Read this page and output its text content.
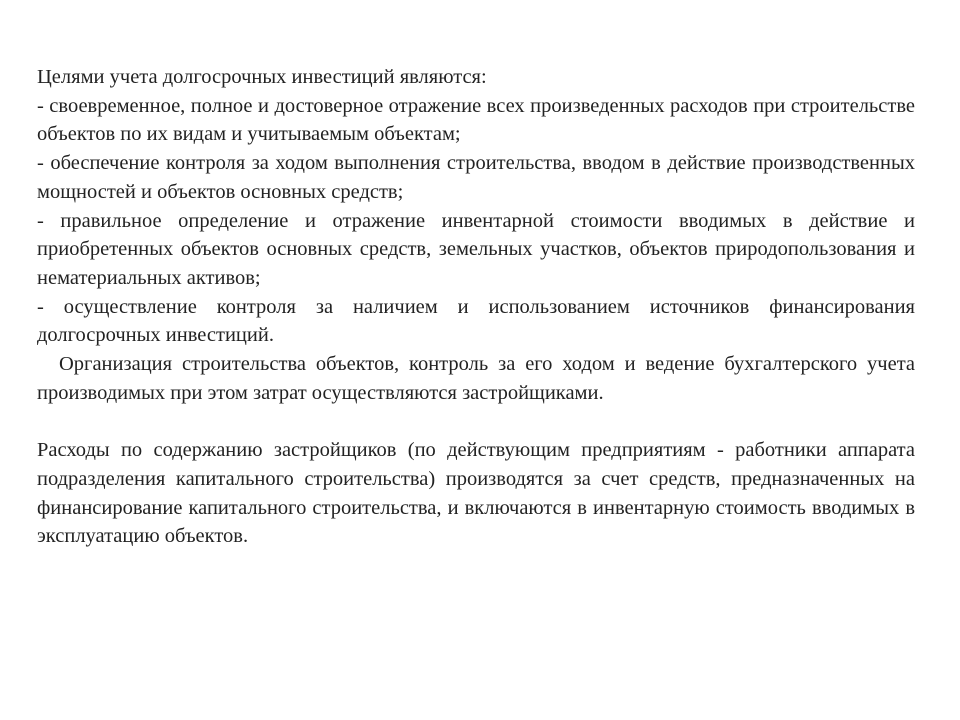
Целями учета долгосрочных инвестиций являются:

- своевременное, полное и достоверное отражение всех произведенных расходов при строительстве объектов по их видам и учитываемым объектам;

- обеспечение контроля за ходом выполнения строительства, вводом в действие производственных мощностей и объектов основных средств;

- правильное определение и отражение инвентарной стоимости вводимых в действие и приобретенных объектов основных средств, земельных участков, объектов природопользования и нематериальных активов;

- осуществление контроля за наличием и использованием источников финансирования долгосрочных инвестиций.

Организация строительства объектов, контроль за его ходом и ведение бухгалтерского учета производимых при этом затрат осуществляются застройщиками.

Расходы по содержанию застройщиков (по действующим предприятиям - работники аппарата подразделения капитального строительства) производятся за счет средств, предназначенных на финансирование капитального строительства, и включаются в инвентарную стоимость вводимых в эксплуатацию объектов.
